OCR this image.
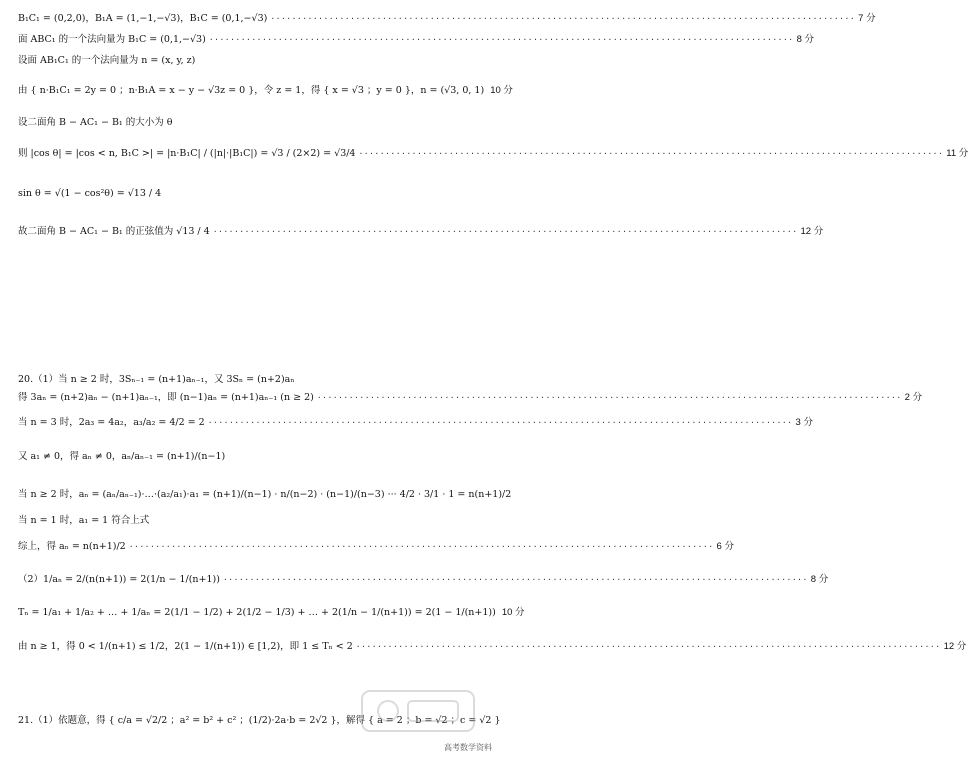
B₁C₁ = (0,2,0)，B₁A = (1,−1,−√3)，B₁C = (0,1,−√3) ·············································································································· 7 分
面 ABC₁ 的一个法向量为 B₁C = (0,1,−√3) ·············································································································· 8 分
设面 AB₁C₁ 的一个法向量为 n = (x, y, z)
由 { n·B₁C₁ = 2y = 0 ；n·B₁A = x − y − √3z = 0 }，令 z = 1，得 { x = √3 ；y = 0 }，n = (√3, 0, 1) 10 分
设二面角 B − AC₁ − B₁ 的大小为 θ
则 |cos θ| = |cos < n, B₁C >| = |n·B₁C| / (|n|·|B₁C|) = √3 / (2×2) = √3/4 ·············································································································· 11 分
sin θ = √(1 − cos²θ) = √13 / 4
故二面角 B − AC₁ − B₁ 的正弦值为 √13 / 4 ·············································································································· 12 分
20.（1）当 n ≥ 2 时，3Sₙ₋₁ = (n+1)aₙ₋₁，又 3Sₙ = (n+2)aₙ
得 3aₙ = (n+2)aₙ − (n+1)aₙ₋₁，即 (n−1)aₙ = (n+1)aₙ₋₁ (n ≥ 2) ·············································································································· 2 分
当 n = 3 时，2a₃ = 4a₂，a₃/a₂ = 4/2 = 2 ·············································································································· 3 分
又 a₁ ≠ 0，得 aₙ ≠ 0，aₙ/aₙ₋₁ = (n+1)/(n−1)
当 n ≥ 2 时，aₙ = (aₙ/aₙ₋₁)·…·(a₂/a₁)·a₁ = (n+1)/(n−1) · n/(n−2) · (n−1)/(n−3) ··· 4/2 · 3/1 · 1 = n(n+1)/2
当 n = 1 时，a₁ = 1 符合上式
综上，得 aₙ = n(n+1)/2 ·············································································································· 6 分
（2）1/aₙ = 2/(n(n+1)) = 2(1/n − 1/(n+1)) ·············································································································· 8 分
Tₙ = 1/a₁ + 1/a₂ + … + 1/aₙ = 2(1/1 − 1/2) + 2(1/2 − 1/3) + … + 2(1/n − 1/(n+1)) = 2(1 − 1/(n+1)) 10 分
由 n ≥ 1，得 0 < 1/(n+1) ≤ 1/2，2(1 − 1/(n+1)) ∈ [1,2)，即 1 ≤ Tₙ < 2 ·············································································································· 12 分
21.（1）依题意，得 { c/a = √2/2 ；a² = b² + c² ；(1/2)·2a·b = 2√2 }，解得 { a = 2 ；b = √2 ；c = √2 }
高考数学资料
